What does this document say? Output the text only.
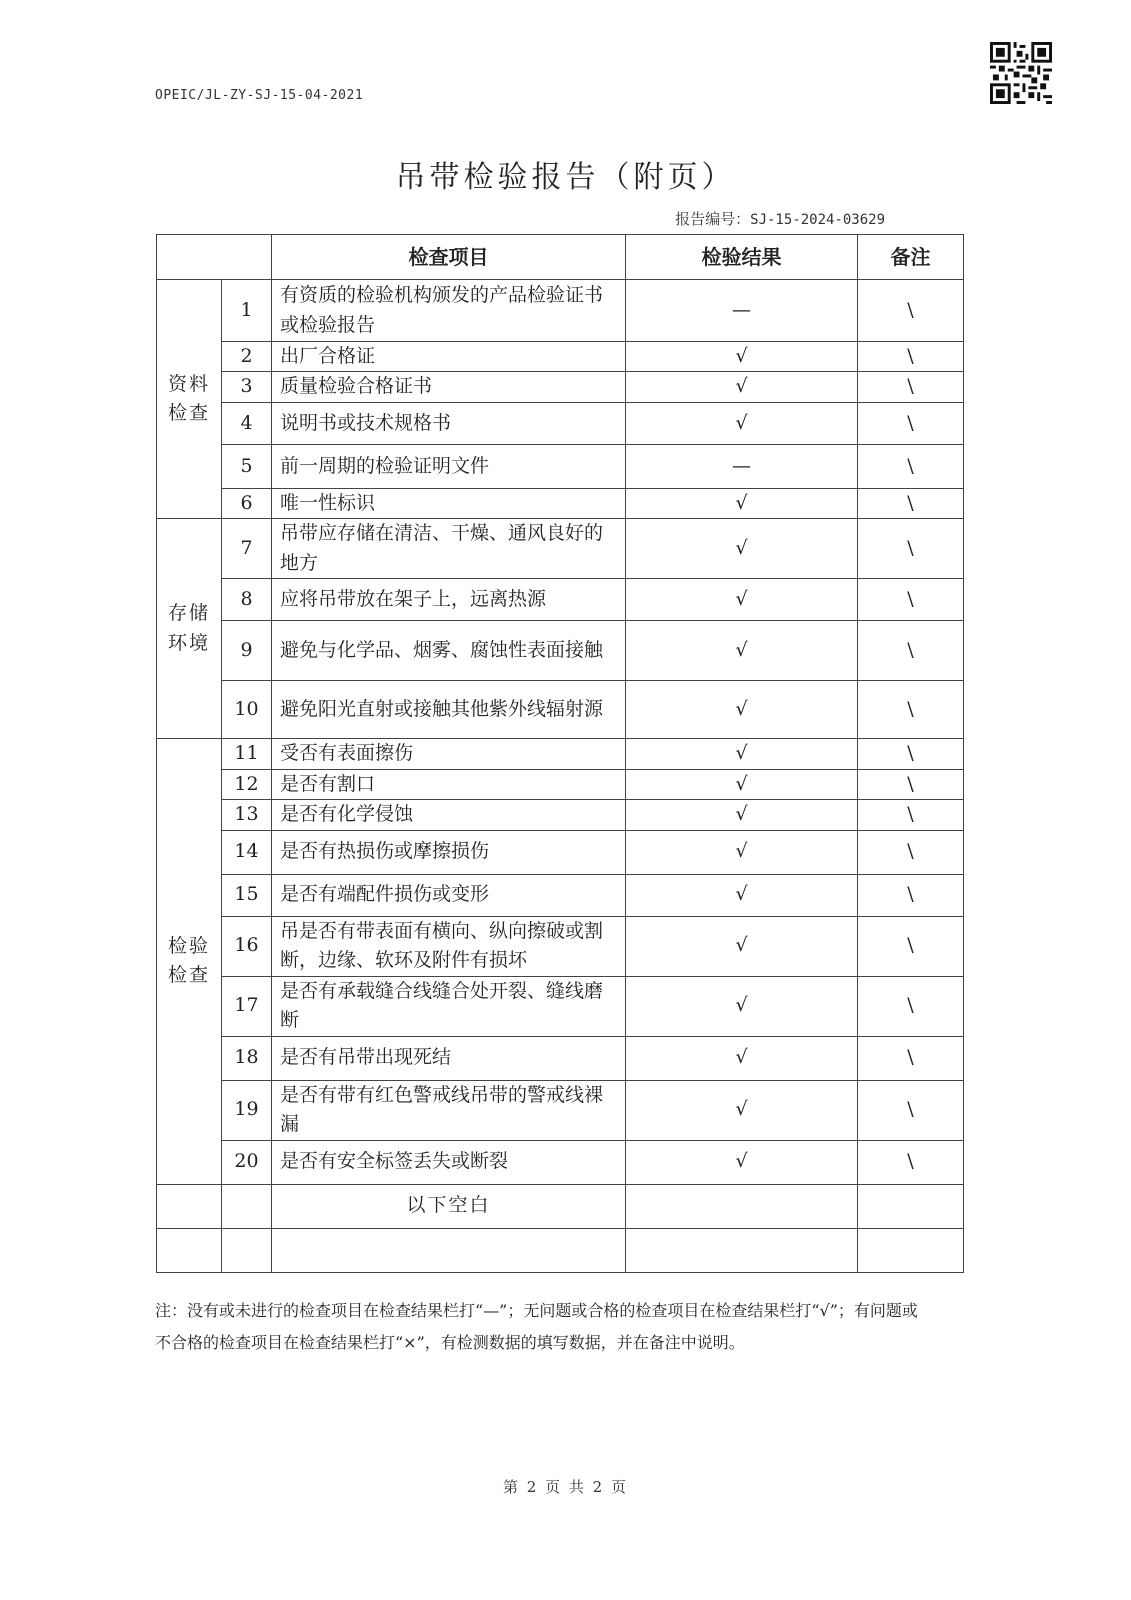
OPEIC/JL-ZY-SJ-15-04-2021
吊带检验报告（附页）
报告编号：SJ-15-2024-03629
		检查项目	检验结果	备注
资料
检查	1	有资质的检验机构颁发的产品检验证书或检验报告	—	\
	2	出厂合格证	√	\
	3	质量检验合格证书	√	\
	4	说明书或技术规格书	√	\
	5	前一周期的检验证明文件	—	\
	6	唯一性标识	√	\
存储
环境	7	吊带应存储在清洁、干燥、通风良好的地方	√	\
	8	应将吊带放在架子上，远离热源	√	\
	9	避免与化学品、烟雾、腐蚀性表面接触	√	\
	10	避免阳光直射或接触其他紫外线辐射源	√	\
检验
检查	11	受否有表面擦伤	√	\
	12	是否有割口	√	\
	13	是否有化学侵蚀	√	\
	14	是否有热损伤或摩擦损伤	√	\
	15	是否有端配件损伤或变形	√	\
	16	吊是否有带表面有横向、纵向擦破或割断，边缘、软环及附件有损坏	√	\
	17	是否有承载缝合线缝合处开裂、缝线磨断	√	\
	18	是否有吊带出现死结	√	\
	19	是否有带有红色警戒线吊带的警戒线裸漏	√	\
	20	是否有安全标签丢失或断裂	√	\
		以下空白		

注：没有或未进行的检查项目在检查结果栏打“—”；无问题或合格的检查项目在检查结果栏打“√”；有问题或不合格的检查项目在检查结果栏打“×”，有检测数据的填写数据，并在备注中说明。
第 2 页 共 2 页
